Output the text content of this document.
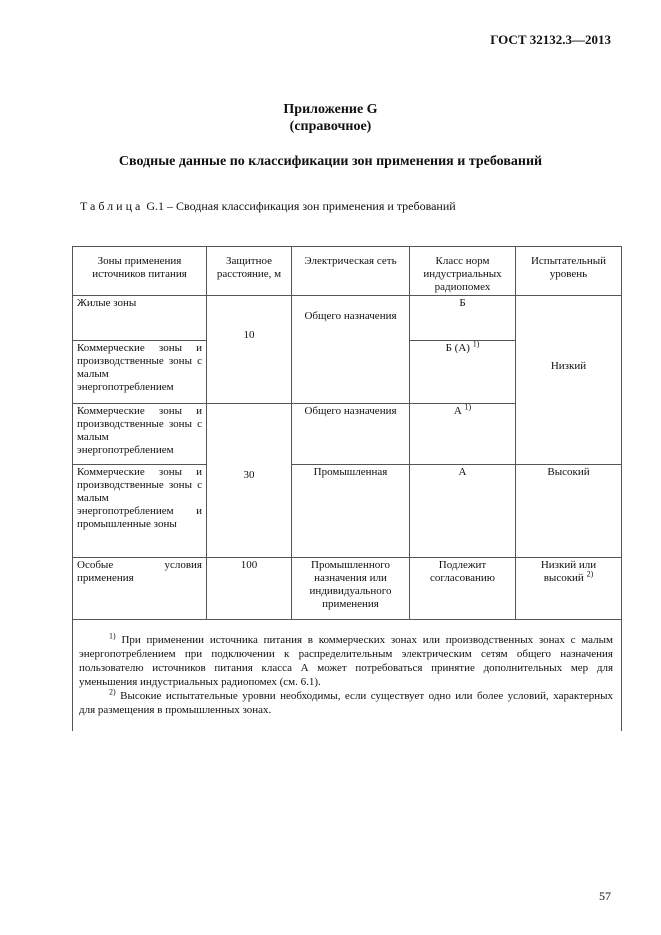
ГОСТ 32132.3—2013
Приложение G
(справочное)
Сводные данные по классификации зон применения и требований
Таблица G.1 – Сводная классификация зон применения и требований
Зоны применения источников питания	Защитное расстояние, м	Электрическая сеть	Класс норм индустриальных радиопомех	Испытательный уровень
Жилые зоны	10	Общего назначения	Б	Низкий
Коммерческие зоны и производственные зоны с малым энергопотреблением			Б (А) $^{1)}$
Коммерческие зоны и производственные зоны с малым энергопотреблением	30	Общего назначения	А $^{1)}$
Коммерческие зоны и производственные зоны с малым энергопотреблением и промышленные зоны		Промышленная	А	Высокий
Особые условия применения	100	Промышленного назначения или индивидуального применения	Подлежит согласованию	Низкий или высокий $^{2)}$

$^{1)}$ При применении источника питания в коммерческих зонах или производственных зонах с малым энергопотреблением при подключении к распределительным электрическим сетям общего назначения пользователю источников питания класса А может потребоваться принятие дополнительных мер для уменьшения индустриальных радиопомех (см. 6.1).

$^{2)}$ Высокие испытательные уровни необходимы, если существует одно или более условий, характерных для размещения в промышленных зонах.				

57
